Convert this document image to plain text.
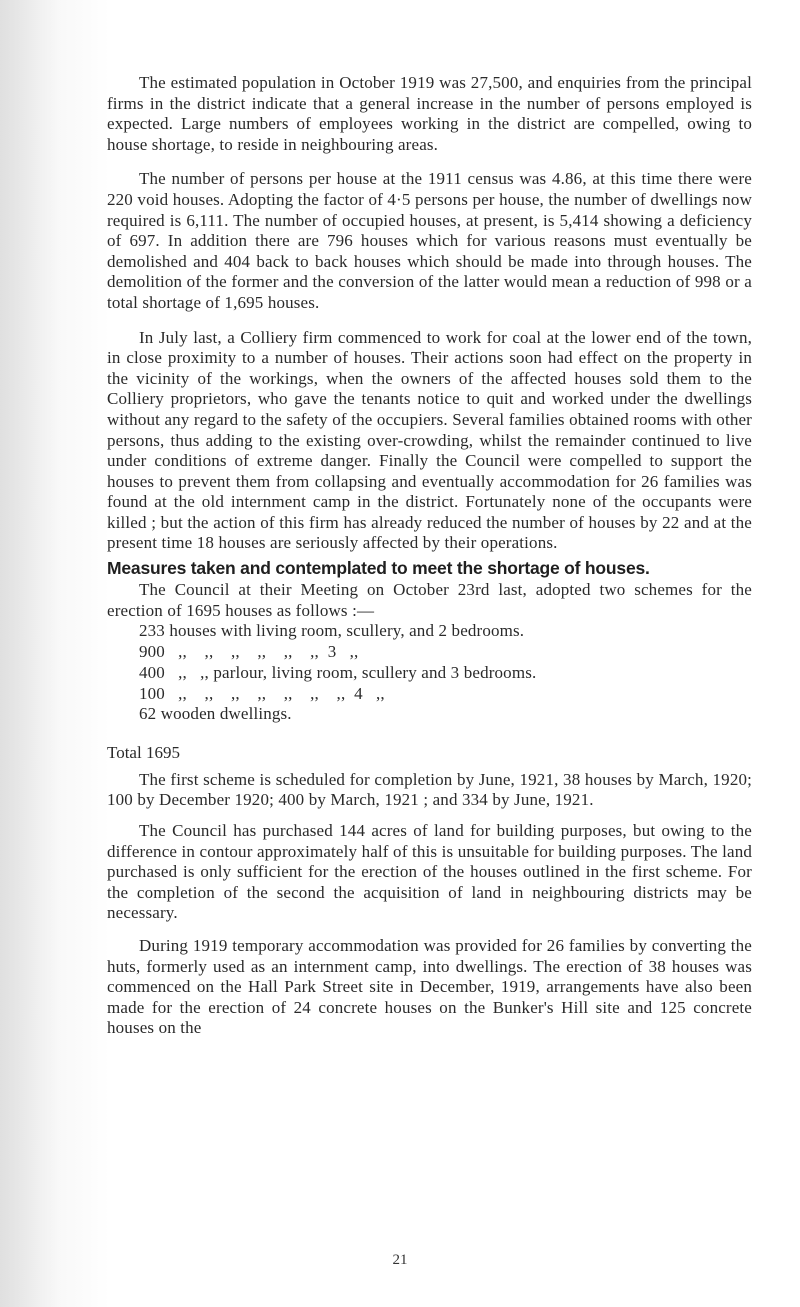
The estimated population in October 1919 was 27,500, and enquiries from the principal firms in the district indicate that a general increase in the number of persons employed is expected. Large numbers of employees working in the district are compelled, owing to house shortage, to reside in neighbouring areas.

The number of persons per house at the 1911 census was 4.86, at this time there were 220 void houses. Adopting the factor of 4·5 persons per house, the number of dwellings now required is 6,111. The number of occupied houses, at present, is 5,414 showing a deficiency of 697. In addition there are 796 houses which for various reasons must eventually be demolished and 404 back to back houses which should be made into through houses. The demolition of the former and the conversion of the latter would mean a reduction of 998 or a total shortage of 1,695 houses.

In July last, a Colliery firm commenced to work for coal at the lower end of the town, in close proximity to a number of houses. Their actions soon had effect on the property in the vicinity of the workings, when the owners of the affected houses sold them to the Colliery proprietors, who gave the tenants notice to quit and worked under the dwellings without any regard to the safety of the occupiers. Several families obtained rooms with other persons, thus adding to the existing over-crowding, whilst the remainder continued to live under conditions of extreme danger. Finally the Council were compelled to support the houses to prevent them from collapsing and eventually accommodation for 26 families was found at the old internment camp in the district. Fortunately none of the occupants were killed ; but the action of this firm has already reduced the number of houses by 22 and at the present time 18 houses are seriously affected by their operations.

Measures taken and contemplated to meet the shortage of houses.

The Council at their Meeting on October 23rd last, adopted two schemes for the erection of 1695 houses as follows :—

233 houses with living room, scullery, and 2 bedrooms.
900   ,,    ,,    ,,    ,,    ,,    ,,  3   ,,
400   ,,   ,, parlour, living room, scullery and 3 bedrooms.
100   ,,    ,,    ,,    ,,    ,,    ,,    ,,  4   ,,
62 wooden dwellings.
Total 1695

The first scheme is scheduled for completion by June, 1921, 38 houses by March, 1920; 100 by December 1920; 400 by March, 1921 ; and 334 by June, 1921.

The Council has purchased 144 acres of land for building purposes, but owing to the difference in contour approximately half of this is unsuitable for building purposes. The land purchased is only sufficient for the erection of the houses outlined in the first scheme. For the completion of the second the acquisition of land in neighbouring districts may be necessary.

During 1919 temporary accommodation was provided for 26 families by converting the huts, formerly used as an internment camp, into dwellings. The erection of 38 houses was commenced on the Hall Park Street site in December, 1919, arrangements have also been made for the erection of 24 concrete houses on the Bunker's Hill site and 125 concrete houses on the

21
